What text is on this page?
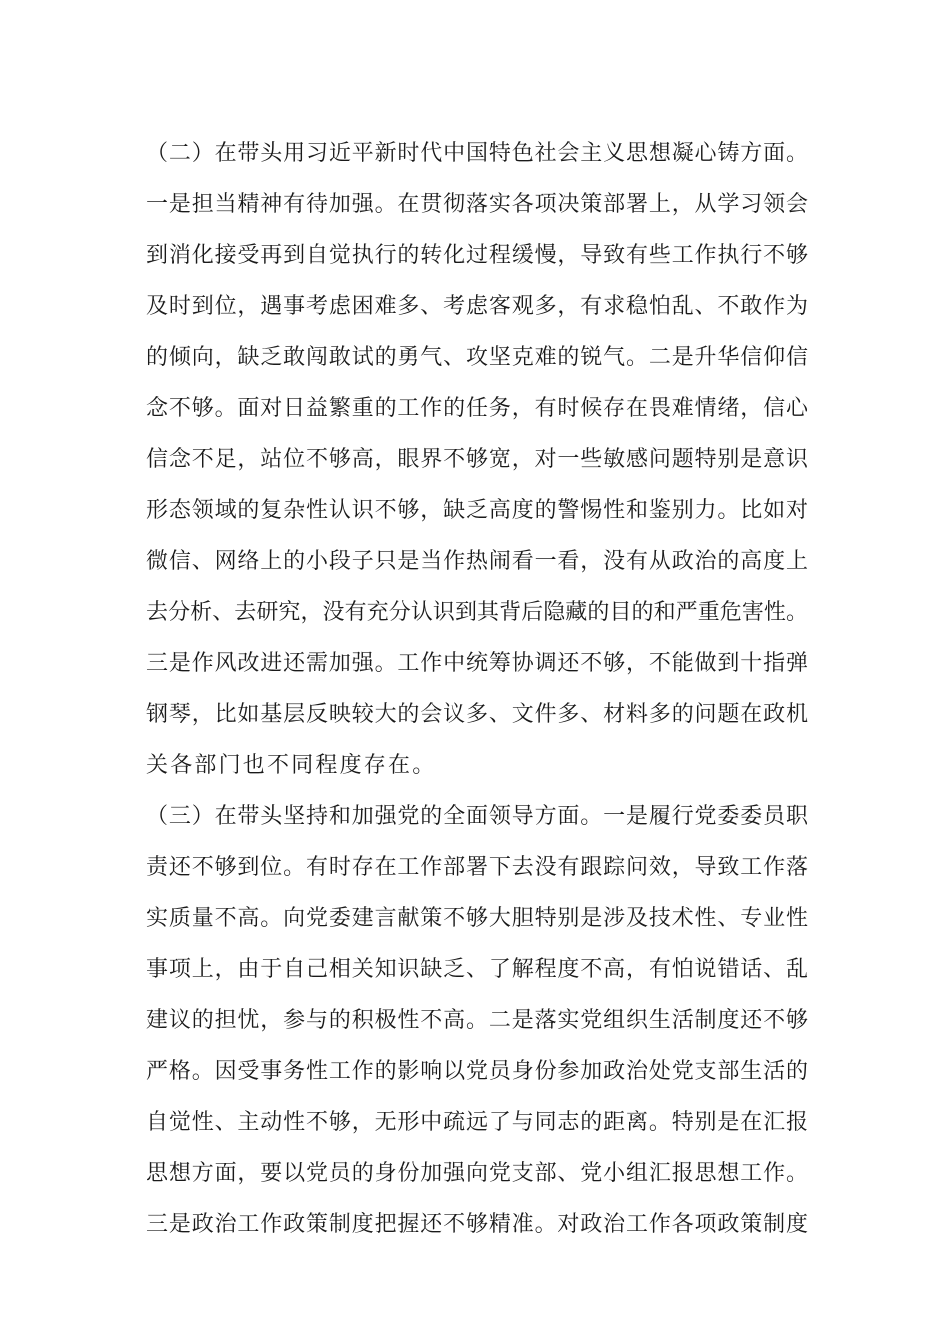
（二）在带头用习近平新时代中国特色社会主义思想凝心铸方面。
一是担当精神有待加强。在贯彻落实各项决策部署上，从学习领会
到消化接受再到自觉执行的转化过程缓慢，导致有些工作执行不够
及时到位，遇事考虑困难多、考虑客观多，有求稳怕乱、不敢作为
的倾向，缺乏敢闯敢试的勇气、攻坚克难的锐气。二是升华信仰信
念不够。面对日益繁重的工作的任务，有时候存在畏难情绪，信心
信念不足，站位不够高，眼界不够宽，对一些敏感问题特别是意识
形态领域的复杂性认识不够，缺乏高度的警惕性和鉴别力。比如对
微信、网络上的小段子只是当作热闹看一看，没有从政治的高度上
去分析、去研究，没有充分认识到其背后隐藏的目的和严重危害性。
三是作风改进还需加强。工作中统筹协调还不够，不能做到十指弹
钢琴，比如基层反映较大的会议多、文件多、材料多的问题在政机
关各部门也不同程度存在。
（三）在带头坚持和加强党的全面领导方面。一是履行党委委员职
责还不够到位。有时存在工作部署下去没有跟踪问效，导致工作落
实质量不高。向党委建言献策不够大胆特别是涉及技术性、专业性
事项上，由于自己相关知识缺乏、了解程度不高，有怕说错话、乱
建议的担忧，参与的积极性不高。二是落实党组织生活制度还不够
严格。因受事务性工作的影响以党员身份参加政治处党支部生活的
自觉性、主动性不够，无形中疏远了与同志的距离。特别是在汇报
思想方面，要以党员的身份加强向党支部、党小组汇报思想工作。
三是政治工作政策制度把握还不够精准。对政治工作各项政策制度
